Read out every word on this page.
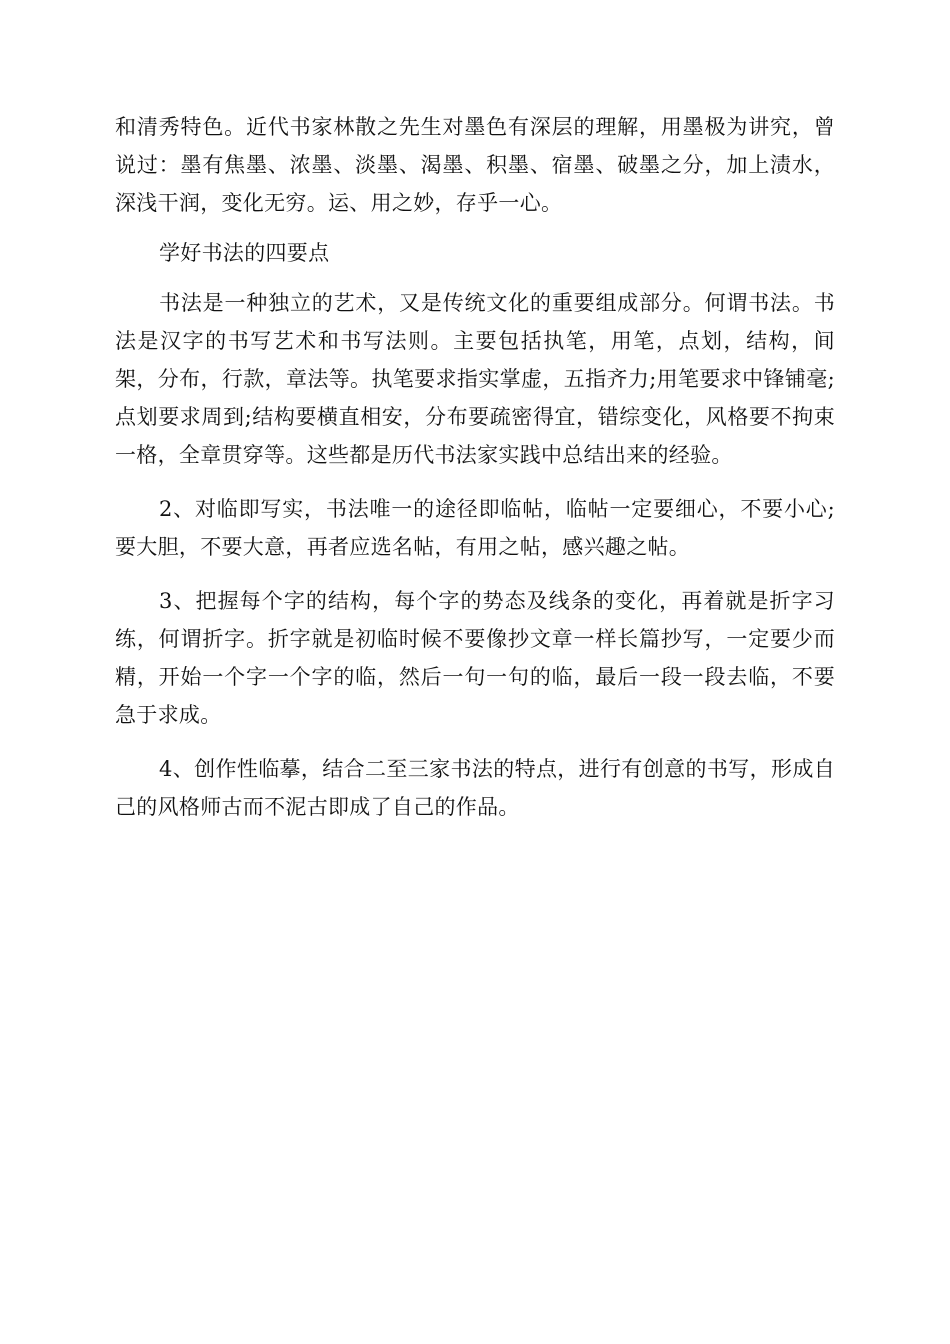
和清秀特色。近代书家林散之先生对墨色有深层的理解，用墨极为讲究，曾说过：墨有焦墨、浓墨、淡墨、渴墨、积墨、宿墨、破墨之分，加上渍水，深浅干润，变化无穷。运、用之妙，存乎一心。

学好书法的四要点

书法是一种独立的艺术，又是传统文化的重要组成部分。何谓书法。书法是汉字的书写艺术和书写法则。主要包括执笔，用笔，点划，结构，间架，分布，行款，章法等。执笔要求指实掌虚，五指齐力;用笔要求中锋铺毫;点划要求周到;结构要横直相安，分布要疏密得宜，错综变化，风格要不拘束一格，全章贯穿等。这些都是历代书法家实践中总结出来的经验。

2、对临即写实，书法唯一的途径即临帖，临帖一定要细心，不要小心;要大胆，不要大意，再者应选名帖，有用之帖，感兴趣之帖。

3、把握每个字的结构，每个字的势态及线条的变化，再着就是折字习练，何谓折字。折字就是初临时候不要像抄文章一样长篇抄写，一定要少而精，开始一个字一个字的临，然后一句一句的临，最后一段一段去临，不要急于求成。

4、创作性临摹，结合二至三家书法的特点，进行有创意的书写，形成自己的风格师古而不泥古即成了自己的作品。
